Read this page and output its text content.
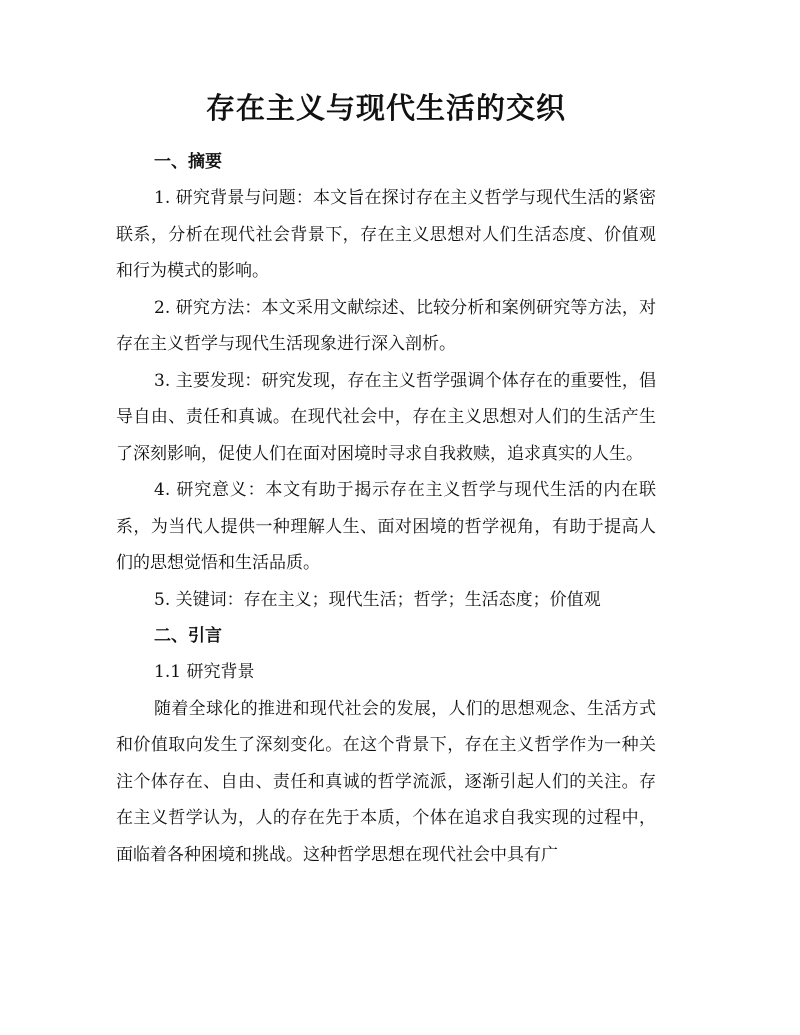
存在主义与现代生活的交织

一、摘要

1. 研究背景与问题：本文旨在探讨存在主义哲学与现代生活的紧密联系，分析在现代社会背景下，存在主义思想对人们生活态度、价值观和行为模式的影响。

2. 研究方法：本文采用文献综述、比较分析和案例研究等方法，对存在主义哲学与现代生活现象进行深入剖析。

3. 主要发现：研究发现，存在主义哲学强调个体存在的重要性，倡导自由、责任和真诚。在现代社会中，存在主义思想对人们的生活产生了深刻影响，促使人们在面对困境时寻求自我救赎，追求真实的人生。

4. 研究意义：本文有助于揭示存在主义哲学与现代生活的内在联系，为当代人提供一种理解人生、面对困境的哲学视角，有助于提高人们的思想觉悟和生活品质。

5. 关键词：存在主义；现代生活；哲学；生活态度；价值观

二、引言

1.1 研究背景

随着全球化的推进和现代社会的发展，人们的思想观念、生活方式和价值取向发生了深刻变化。在这个背景下，存在主义哲学作为一种关注个体存在、自由、责任和真诚的哲学流派，逐渐引起人们的关注。存在主义哲学认为，人的存在先于本质，个体在追求自我实现的过程中，面临着各种困境和挑战。这种哲学思想在现代社会中具有广
